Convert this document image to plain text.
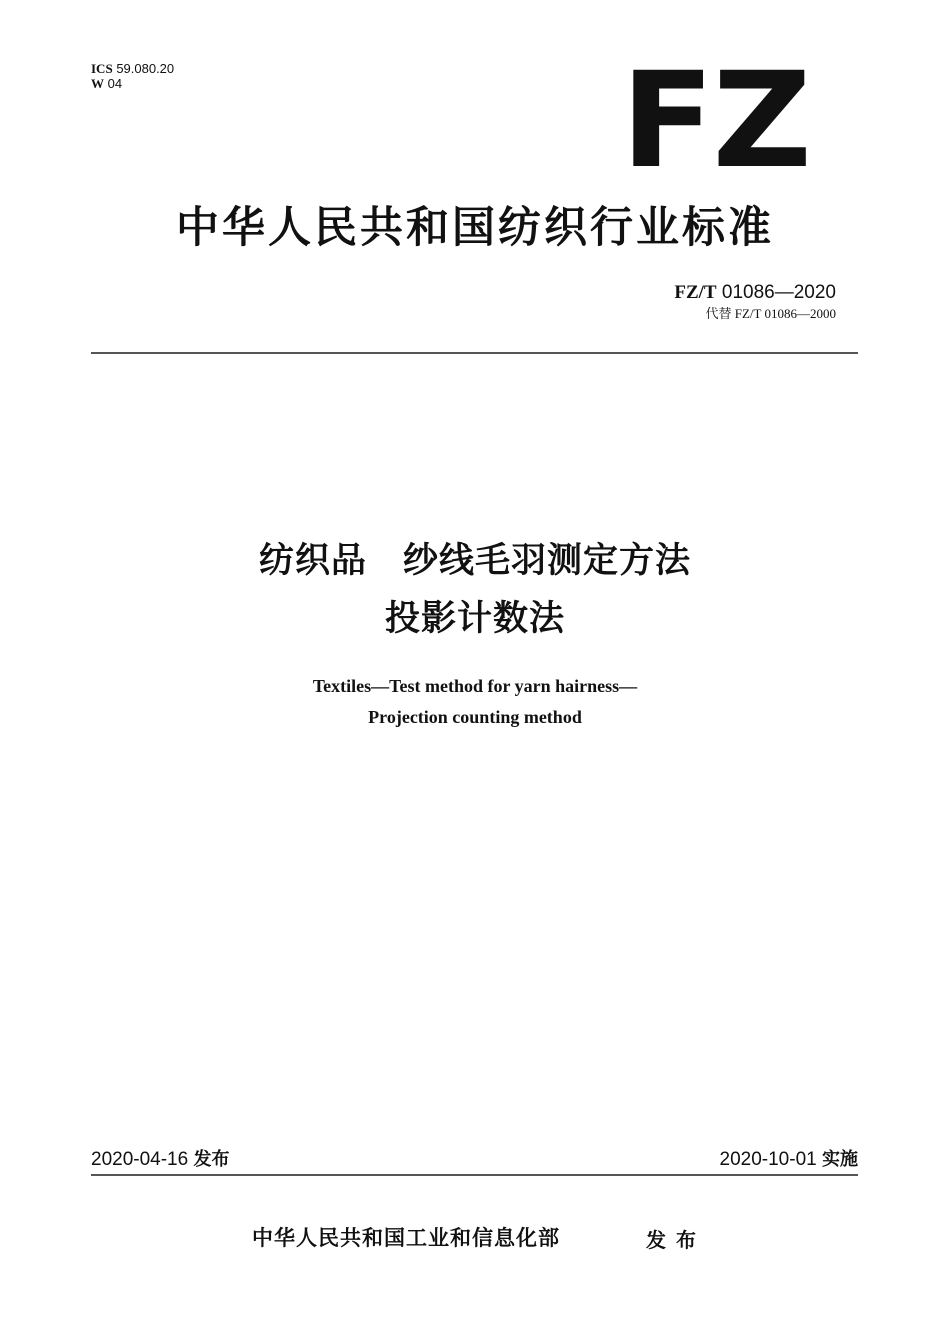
ICS 59.080.20
W 04	FZ
中华人民共和国纺织行业标准
FZ/T 01086—2020
代替 FZ/T 01086—2000
纺织品　纱线毛羽测定方法
投影计数法
Textiles—Test method for yarn hairness—
Projection counting method
2020-04-16 发布	2020-10-01 实施
中华人民共和国工业和信息化部	发布
